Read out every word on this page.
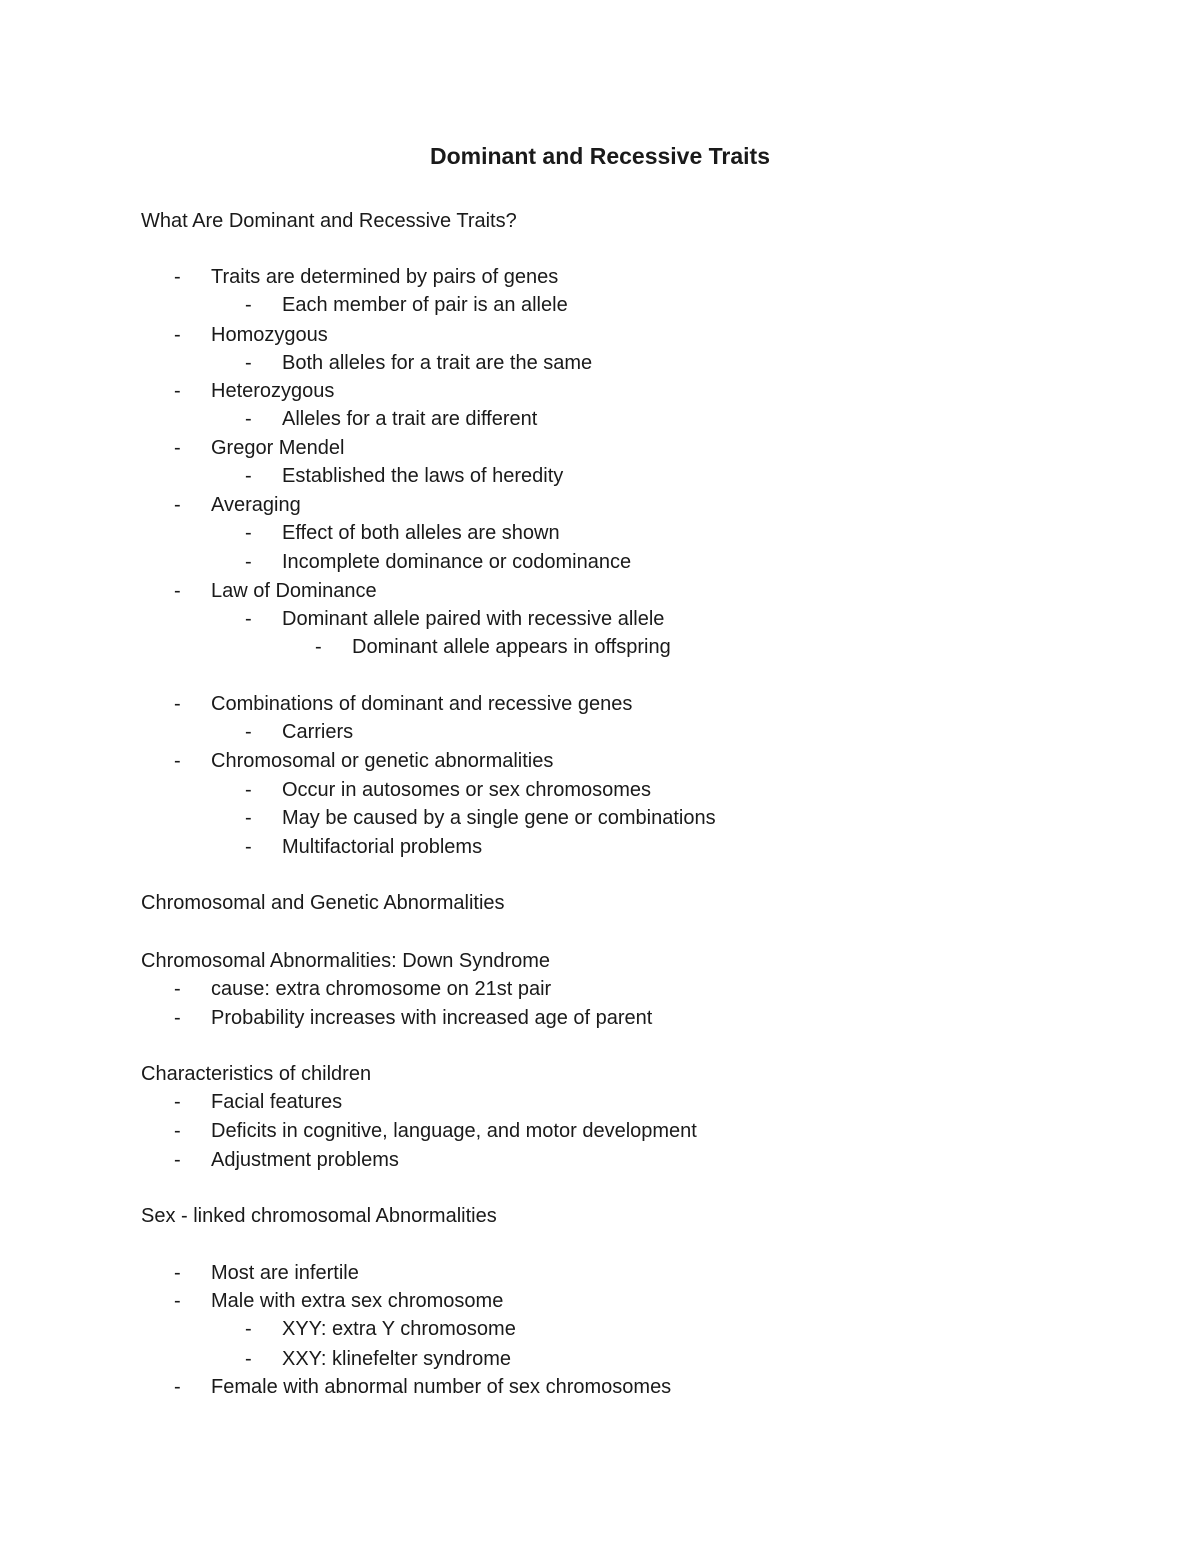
Dominant and Recessive Traits
What Are Dominant and Recessive Traits?
-	Traits are determined by pairs of genes
-	Each member of pair is an allele
-	Homozygous
-	Both alleles for a trait are the same
-	Heterozygous
-	Alleles for a trait are different
-	Gregor Mendel
-	Established the laws of heredity
-	Averaging
-	Effect of both alleles are shown
-	Incomplete dominance or codominance
-	Law of Dominance
-	Dominant allele paired with recessive allele
-	Dominant allele appears in offspring
-	Combinations of dominant and recessive genes
-	Carriers
-	Chromosomal or genetic abnormalities
-	Occur in autosomes or sex chromosomes
-	May be caused by a single gene or combinations
-	Multifactorial problems
Chromosomal and Genetic Abnormalities
Chromosomal Abnormalities: Down Syndrome
-	cause: extra chromosome on 21st pair
-	Probability increases with increased age of parent
Characteristics of children
-	Facial features
-	Deficits in cognitive, language, and motor development
-	Adjustment problems
Sex - linked chromosomal Abnormalities
-	Most are infertile
-	Male with extra sex chromosome
-	XYY: extra Y chromosome
-	XXY: klinefelter syndrome
-	Female with abnormal number of sex chromosomes
